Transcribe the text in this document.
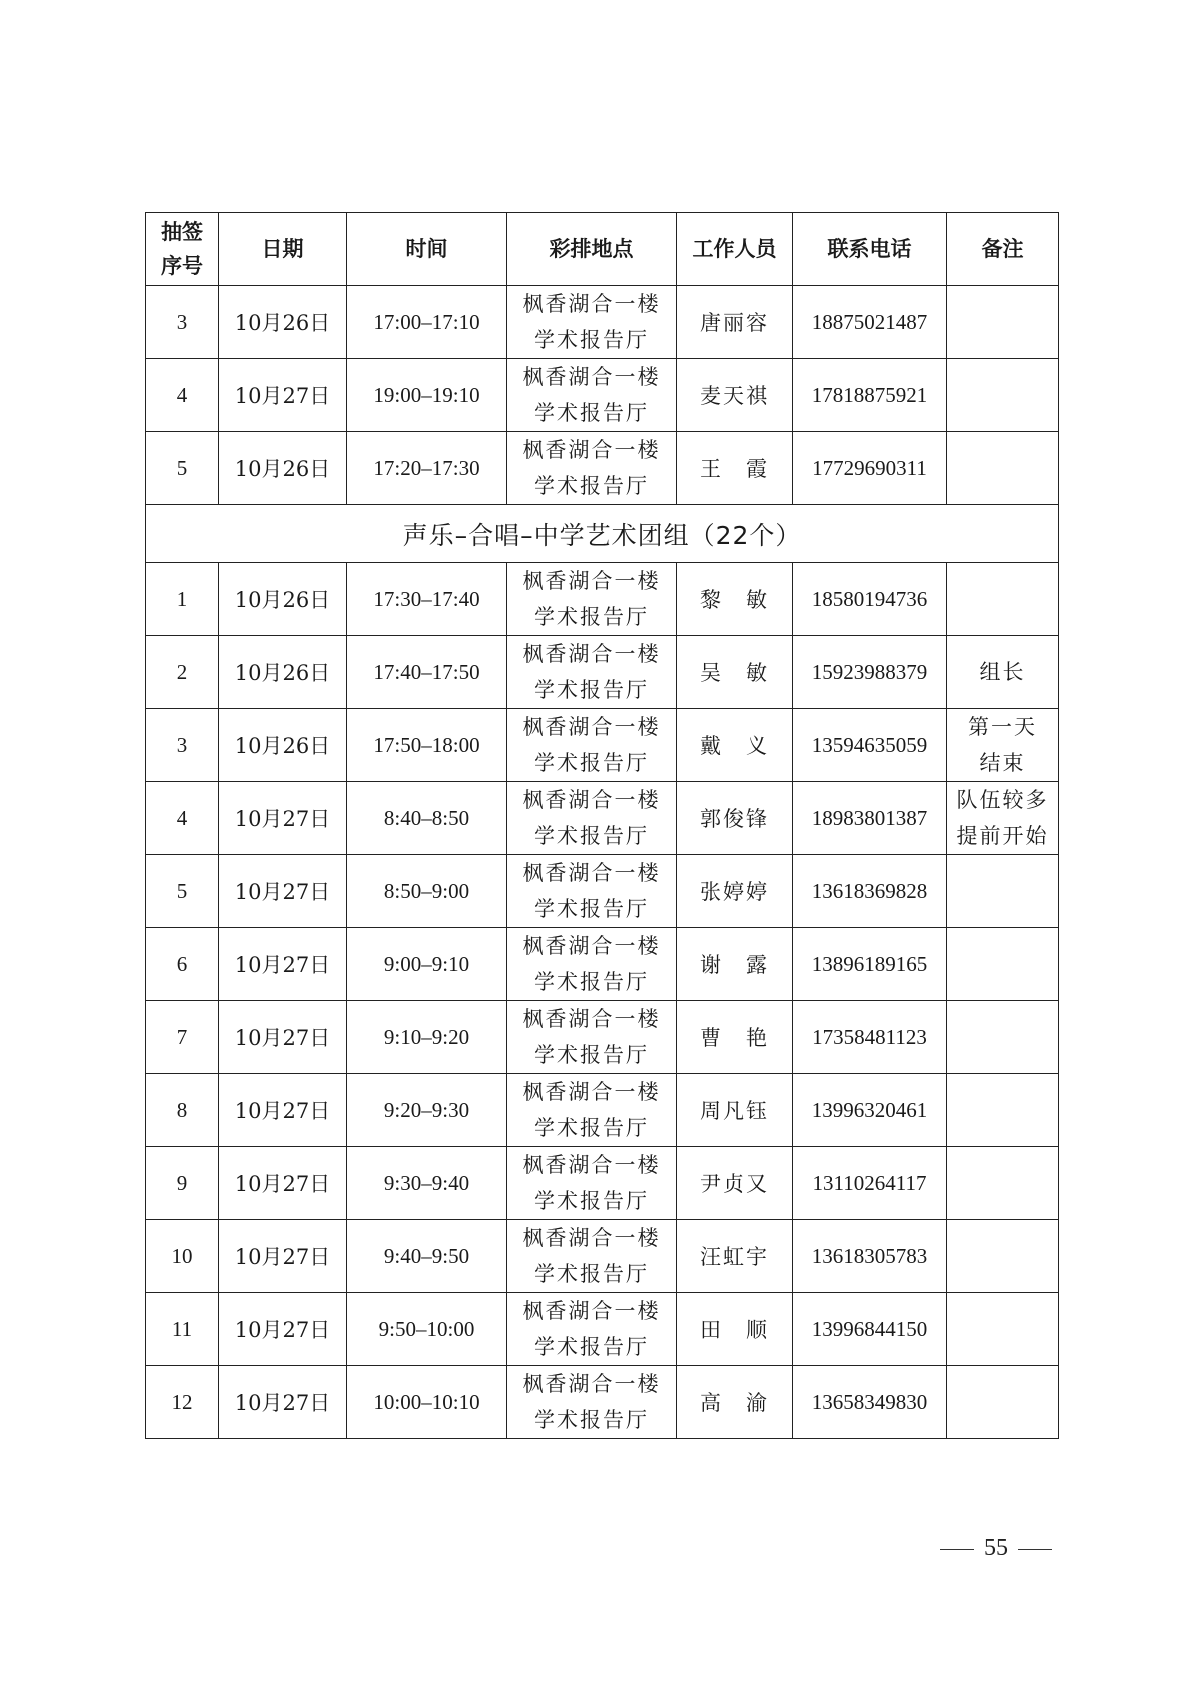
抽签
序号	日期	时间	彩排地点	工作人员	联系电话	备注
3	10月26日	17:00–17:10	枫香湖合一楼
学术报告厅	唐丽容	18875021487	

4	10月27日	19:00–19:10	枫香湖合一楼
学术报告厅	麦天祺	17818875921	

5	10月26日	17:20–17:30	枫香湖合一楼
学术报告厅	王　霞	17729690311	

声乐–合唱–中学艺术团组（22个）						
1	10月26日	17:30–17:40	枫香湖合一楼
学术报告厅	黎　敏	18580194736	

2	10月26日	17:40–17:50	枫香湖合一楼
学术报告厅	吴　敏	15923988379	组长

3	10月26日	17:50–18:00	枫香湖合一楼
学术报告厅	戴　义	13594635059	第一天
结束
4	10月27日	8:40–8:50	枫香湖合一楼
学术报告厅	郭俊锋	18983801387	队伍较多
提前开始
5	10月27日	8:50–9:00	枫香湖合一楼
学术报告厅	张婷婷	13618369828	

6	10月27日	9:00–9:10	枫香湖合一楼
学术报告厅	谢　露	13896189165	

7	10月27日	9:10–9:20	枫香湖合一楼
学术报告厅	曹　艳	17358481123	

8	10月27日	9:20–9:30	枫香湖合一楼
学术报告厅	周凡钰	13996320461	

9	10月27日	9:30–9:40	枫香湖合一楼
学术报告厅	尹贞又	13110264117	

10	10月27日	9:40–9:50	枫香湖合一楼
学术报告厅	汪虹宇	13618305783	

11	10月27日	9:50–10:00	枫香湖合一楼
学术报告厅	田　顺	13996844150	

12	10月27日	10:00–10:10	枫香湖合一楼
学术报告厅	高　渝	13658349830	

55
